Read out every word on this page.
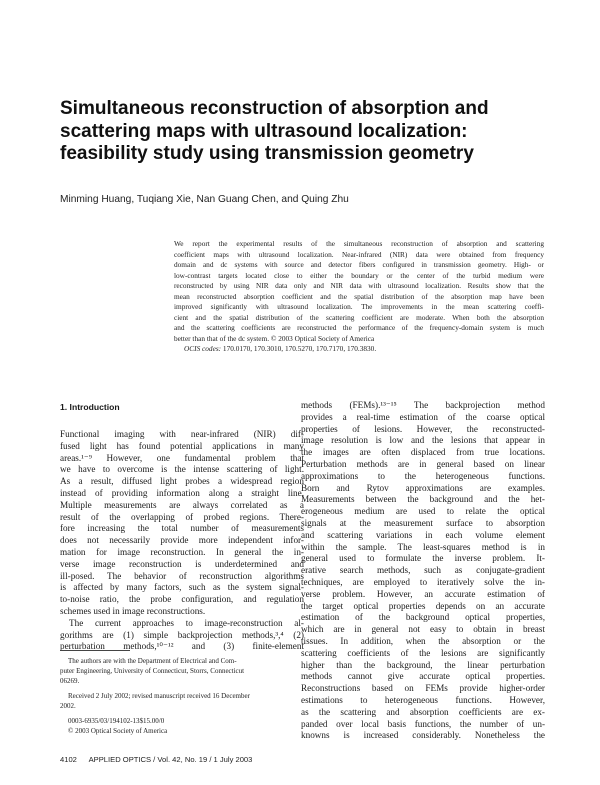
Simultaneous reconstruction of absorption and
scattering maps with ultrasound localization:
feasibility study using transmission geometry
Minming Huang, Tuqiang Xie, Nan Guang Chen, and Quing Zhu
We report the experimental results of the simultaneous reconstruction of absorption and scattering
coefficient maps with ultrasound localization. Near-infrared (NIR) data were obtained from frequency
domain and dc systems with source and detector fibers configured in transmission geometry. High- or
low-contrast targets located close to either the boundary or the center of the turbid medium were
reconstructed by using NIR data only and NIR data with ultrasound localization. Results show that the
mean reconstructed absorption coefficient and the spatial distribution of the absorption map have been
improved significantly with ultrasound localization. The improvements in the mean scattering coeffi-
cient and the spatial distribution of the scattering coefficient are moderate. When both the absorption
and the scattering coefficients are reconstructed the performance of the frequency-domain system is much
better than that of the dc system. © 2003 Optical Society of America
OCIS codes: 170.0170, 170.3010, 170.5270, 170.7170, 170.3830.
1. Introduction
Functional imaging with near-infrared (NIR) dif-
fused light has found potential applications in many
areas.¹⁻⁹ However, one fundamental problem that
we have to overcome is the intense scattering of light.
As a result, diffused light probes a widespread region
instead of providing information along a straight line.
Multiple measurements are always correlated as a
result of the overlapping of probed regions. There-
fore increasing the total number of measurements
does not necessarily provide more independent infor-
mation for image reconstruction. In general the in-
verse image reconstruction is underdetermined and
ill-posed. The behavior of reconstruction algorithms
is affected by many factors, such as the system signal-
to-noise ratio, the probe configuration, and regulation
schemes used in image reconstructions.
The current approaches to image-reconstruction al-
gorithms are (1) simple backprojection methods,³,⁴ (2)
perturbation methods,¹⁰⁻¹² and (3) finite-element
methods (FEMs).¹³⁻¹⁵ The backprojection method
provides a real-time estimation of the coarse optical
properties of lesions. However, the reconstructed-
image resolution is low and the lesions that appear in
the images are often displaced from true locations.
Perturbation methods are in general based on linear
approximations to the heterogeneous functions.
Born and Rytov approximations are examples.
Measurements between the background and the het-
erogeneous medium are used to relate the optical
signals at the measurement surface to absorption
and scattering variations in each volume element
within the sample. The least-squares method is in
general used to formulate the inverse problem. It-
erative search methods, such as conjugate-gradient
techniques, are employed to iteratively solve the in-
verse problem. However, an accurate estimation of
the target optical properties depends on an accurate
estimation of the background optical properties,
which are in general not easy to obtain in breast
tissues. In addition, when the absorption or the
scattering coefficients of the lesions are significantly
higher than the background, the linear perturbation
methods cannot give accurate optical properties.
Reconstructions based on FEMs provide higher-order
estimations to heterogeneous functions. However,
as the scattering and absorption coefficients are ex-
panded over local basis functions, the number of un-
knowns is increased considerably. Nonetheless the
The authors are with the Department of Electrical and Com-
puter Engineering, University of Connecticut, Storrs, Connecticut
06269.
Received 2 July 2002; revised manuscript received 16 December
2002.
0003-6935/03/194102-13$15.00/0
© 2003 Optical Society of America
4102 APPLIED OPTICS / Vol. 42, No. 19 / 1 July 2003
